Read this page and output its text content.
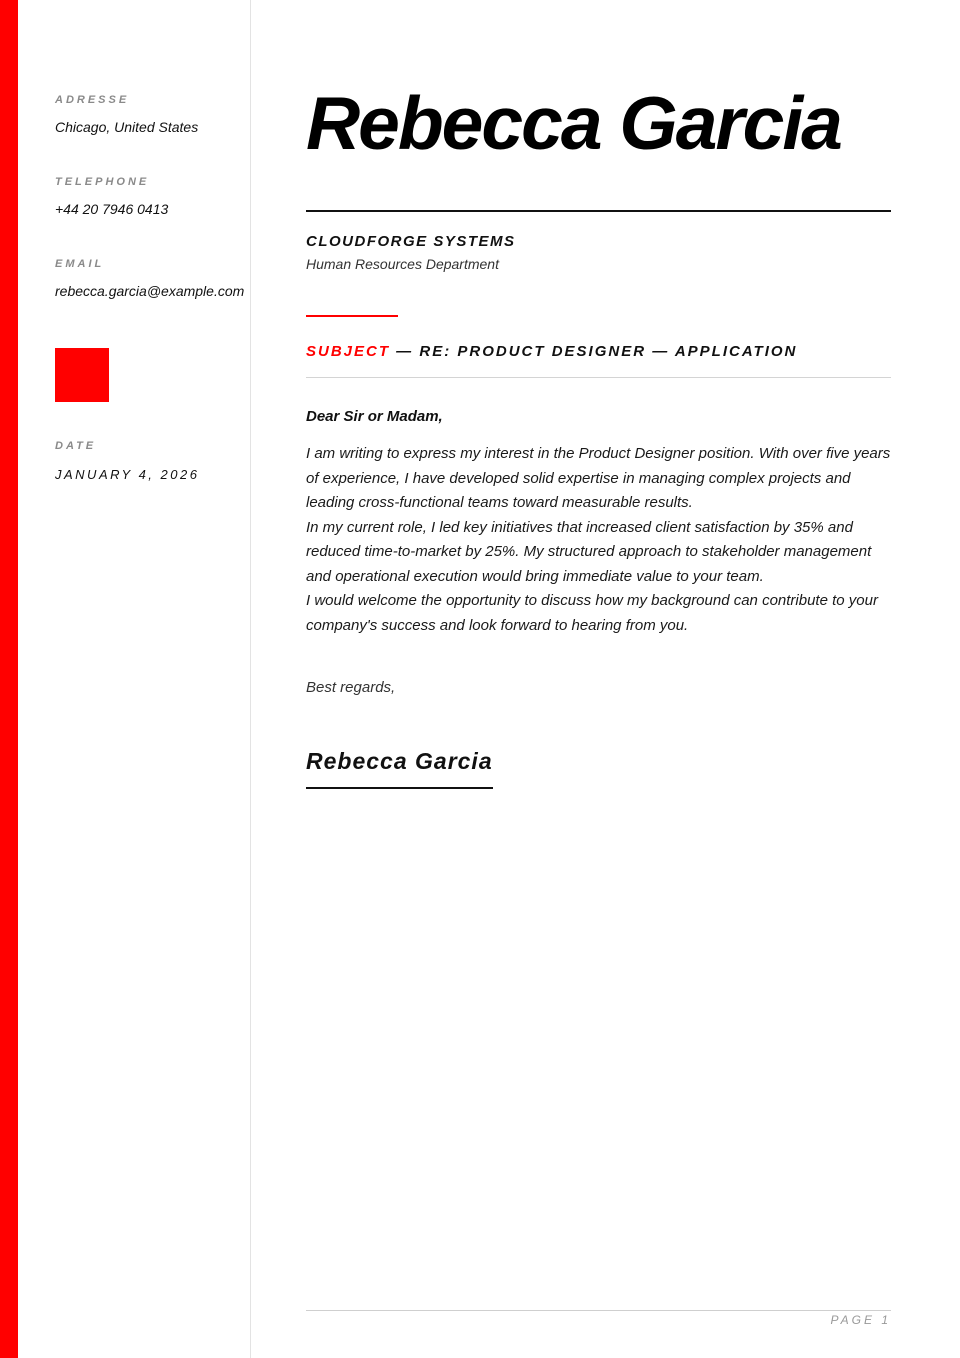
ADRESSE
Chicago, United States
TELEPHONE
+44 20 7946 0413
EMAIL
rebecca.garcia@example.com
DATE
JANUARY 4, 2026
Rebecca Garcia
CLOUDFORGE SYSTEMS
Human Resources Department
SUBJECT — RE: PRODUCT DESIGNER — APPLICATION
Dear Sir or Madam,

I am writing to express my interest in the Product Designer position. With over five years of experience, I have developed solid expertise in managing complex projects and leading cross-functional teams toward measurable results.

In my current role, I led key initiatives that increased client satisfaction by 35% and reduced time-to-market by 25%. My structured approach to stakeholder management and operational execution would bring immediate value to your team.

I would welcome the opportunity to discuss how my background can contribute to your company's success and look forward to hearing from you.

Best regards,
Rebecca Garcia
PAGE 1
